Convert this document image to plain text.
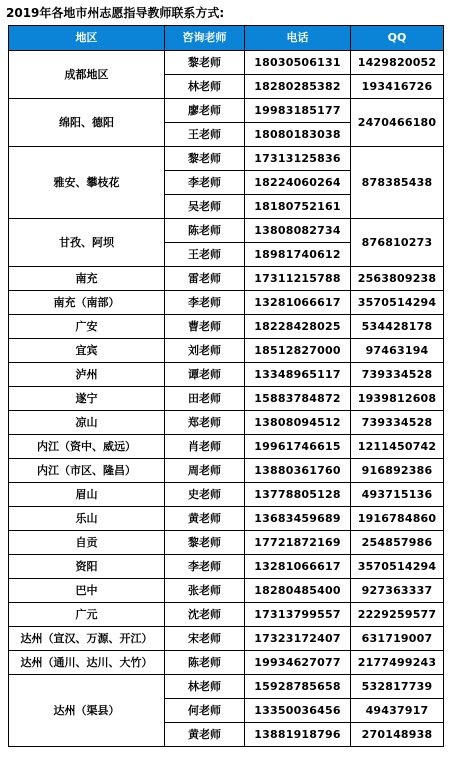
2019年各地市州志愿指导教师联系方式:
地区	咨询老师	电话	QQ
成都地区	黎老师	18030506131	1429820052
	林老师	18280285382	193416726
绵阳、德阳	廖老师	19983185177	2470466180
	王老师	18080183038	
雅安、攀枝花	黎老师	17313125836	878385438
	李老师	18224060264	
	吴老师	18180752161	
甘孜、阿坝	陈老师	13808082734	876810273
	王老师	18981740612	
南充	雷老师	17311215788	2563809238
南充（南部）	李老师	13281066617	3570514294
广安	曹老师	18228428025	534428178
宜宾	刘老师	18512827000	97463194
泸州	谭老师	13348965117	739334528
遂宁	田老师	15883784872	1939812608
凉山	郑老师	13808094512	739334528
内江（资中、威远）	肖老师	19961746615	1211450742
内江（市区、隆昌）	周老师	13880361760	916892386
眉山	史老师	13778805128	493715136
乐山	黄老师	13683459689	1916784860
自贡	黎老师	17721872169	254857986
资阳	李老师	13281066617	3570514294
巴中	张老师	18280485400	927363337
广元	沈老师	17313799557	2229259577
达州（宣汉、万源、开江）	宋老师	17323172407	631719007
达州（通川、达川、大竹）	陈老师	19934627077	2177499243
达州（渠县）	林老师	15928785658	532817739
	何老师	13350036456	49437917
	黄老师	13881918796	270148938
